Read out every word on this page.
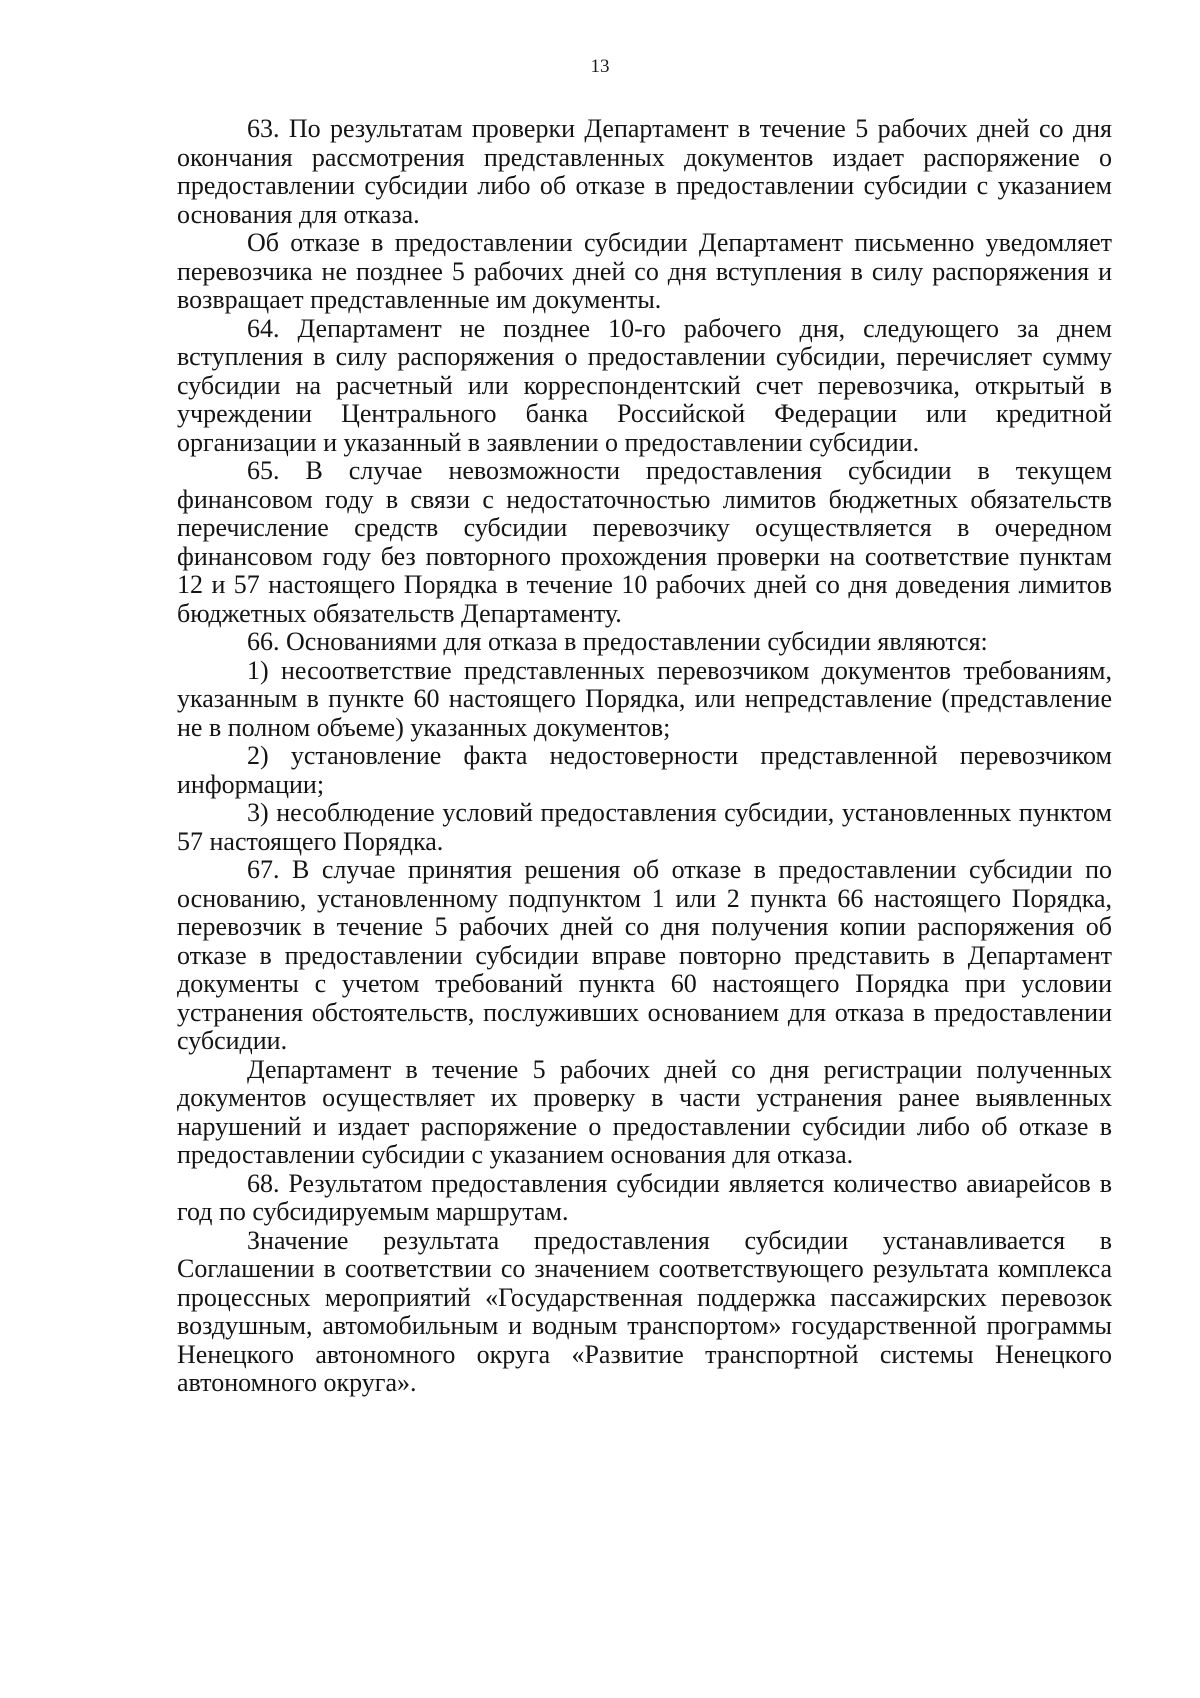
13

63. По результатам проверки Департамент в течение 5 рабочих дней со дня окончания рассмотрения представленных документов издает распоряжение о предоставлении субсидии либо об отказе в предоставлении субсидии с указанием основания для отказа.

Об отказе в предоставлении субсидии Департамент письменно уведомляет перевозчика не позднее 5 рабочих дней со дня вступления в силу распоряжения и возвращает представленные им документы.

64. Департамент не позднее 10-го рабочего дня, следующего за днем вступления в силу распоряжения о предоставлении субсидии, перечисляет сумму субсидии на расчетный или корреспондентский счет перевозчика, открытый в учреждении Центрального банка Российской Федерации или кредитной организации и указанный в заявлении о предоставлении субсидии.

65. В случае невозможности предоставления субсидии в текущем финансовом году в связи с недостаточностью лимитов бюджетных обязательств перечисление средств субсидии перевозчику осуществляется в очередном финансовом году без повторного прохождения проверки на соответствие пунктам 12 и 57 настоящего Порядка в течение 10 рабочих дней со дня доведения лимитов бюджетных обязательств Департаменту.

66. Основаниями для отказа в предоставлении субсидии являются:

1) несоответствие представленных перевозчиком документов требованиям, указанным в пункте 60 настоящего Порядка, или непредставление (представление не в полном объеме) указанных документов;

2) установление факта недостоверности представленной перевозчиком информации;

3) несоблюдение условий предоставления субсидии, установленных пунктом 57 настоящего Порядка.

67. В случае принятия решения об отказе в предоставлении субсидии по основанию, установленному подпунктом 1 или 2 пункта 66 настоящего Порядка, перевозчик в течение 5 рабочих дней со дня получения копии распоряжения об отказе в предоставлении субсидии вправе повторно представить в Департамент документы с учетом требований пункта 60 настоящего Порядка при условии устранения обстоятельств, послуживших основанием для отказа в предоставлении субсидии.

Департамент в течение 5 рабочих дней со дня регистрации полученных документов осуществляет их проверку в части устранения ранее выявленных нарушений и издает распоряжение о предоставлении субсидии либо об отказе в предоставлении субсидии с указанием основания для отказа.

68. Результатом предоставления субсидии является количество авиарейсов в год по субсидируемым маршрутам.

Значение результата предоставления субсидии устанавливается в Соглашении в соответствии со значением соответствующего результата комплекса процессных мероприятий «Государственная поддержка пассажирских перевозок воздушным, автомобильным и водным транспортом» государственной программы Ненецкого автономного округа «Развитие транспортной системы Ненецкого автономного округа».
